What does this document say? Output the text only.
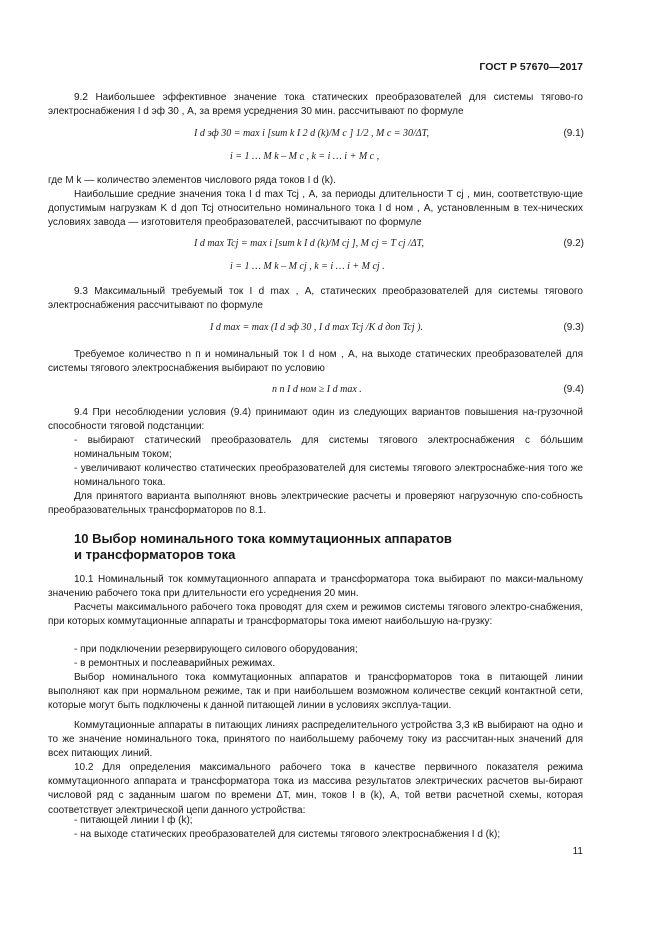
ГОСТ Р 57670—2017
9.2 Наибольшее эффективное значение тока статических преобразователей для системы тягово-го электроснабжения I d эф 30 , А, за время усреднения 30 мин. рассчитывают по формуле
I d эф 30 = max i [sum k I 2 d (k)/M c ] 1/2 , M c = 30/ΔT,	(9.1)
i = 1 … M k – M c , k = i … i + M c ,
где M k — количество элементов числового ряда токов I d (k).
Наибольшие средние значения тока I d max Tcj , А, за периоды длительности T cj , мин, соответствую-щие допустимым нагрузкам K d доп Tcj относительно номинального тока I d ном , А, установленным в тех-нических условиях завода — изготовителя преобразователей, рассчитывают по формуле
I d max Tcj = max i [sum k I d (k)/M cj ], M cj = T cj /ΔT,	(9.2)
i = 1 … M k – M cj , k = i … i + M cj .
9.3 Максимальный требуемый ток I d max , А, статических преобразователей для системы тягового электроснабжения рассчитывают по формуле
I d max = max (I d эф 30 , I d max Tcj /K d доп Tcj ).	(9.3)
Требуемое количество n п и номинальный ток I d ном , А, на выходе статических преобразователей для системы тягового электроснабжения выбирают по условию
n п I d ном ≥ I d max .	(9.4)
9.4 При несоблюдении условия (9.4) принимают один из следующих вариантов повышения на-грузочной способности тяговой подстанции:
- выбирают статический преобразователь для системы тягового электроснабжения с бо́льшим номинальным током;
- увеличивают количество статических преобразователей для системы тягового электроснабже-ния того же номинального тока.
Для принятого варианта выполняют вновь электрические расчеты и проверяют нагрузочную спо-собность преобразовательных трансформаторов по 8.1.
10 Выбор номинального тока коммутационных аппаратов
и трансформаторов тока
10.1 Номинальный ток коммутационного аппарата и трансформатора тока выбирают по макси-мальному значению рабочего тока при длительности его усреднения 20 мин.
Расчеты максимального рабочего тока проводят для схем и режимов системы тягового электро-снабжения, при которых коммутационные аппараты и трансформаторы тока имеют наибольшую на-грузку:
- при подключении резервирующего силового оборудования;
- в ремонтных и послеаварийных режимах.
Выбор номинального тока коммутационных аппаратов и трансформаторов тока в питающей линии выполняют как при нормальном режиме, так и при наибольшем возможном количестве секций контактной сети, которые могут быть подключены к данной питающей линии в условиях эксплуа-тации.
Коммутационные аппараты в питающих линиях распределительного устройства 3,3 кВ выбирают на одно и то же значение номинального тока, принятого по наибольшему рабочему току из рассчитан-ных значений для всех питающих линий.
10.2 Для определения максимального рабочего тока в качестве первичного показателя режима коммутационного аппарата и трансформатора тока из массива результатов электрических расчетов вы-бирают числовой ряд с заданным шагом по времени ΔT, мин, токов I в (k), А, той ветви расчетной схемы, которая соответствует электрической цепи данного устройства:
- питающей линии I ф (k);
- на выходе статических преобразователей для системы тягового электроснабжения I d (k);
11
